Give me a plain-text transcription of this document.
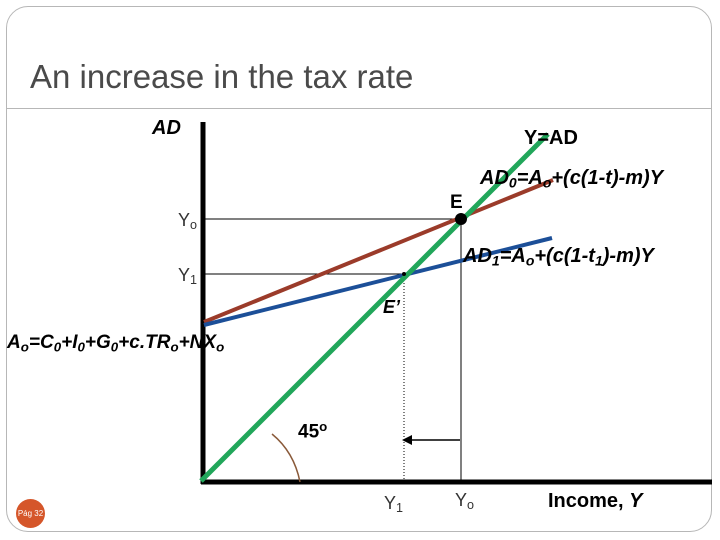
An increase in the tax rate
AD
Income, Y
Y=AD
$AD_0=A_o+(c(1-t)-m)Y$
$AD_1=A_o+(c(1-t_1)-m)Y$
E
E’
$Y_o$
$Y_1$
$Y_1$	$Y_o$
$A_o=C_0+I_0+G_0+c.TR_o+NX_o$
45$^o$
Pág 32
